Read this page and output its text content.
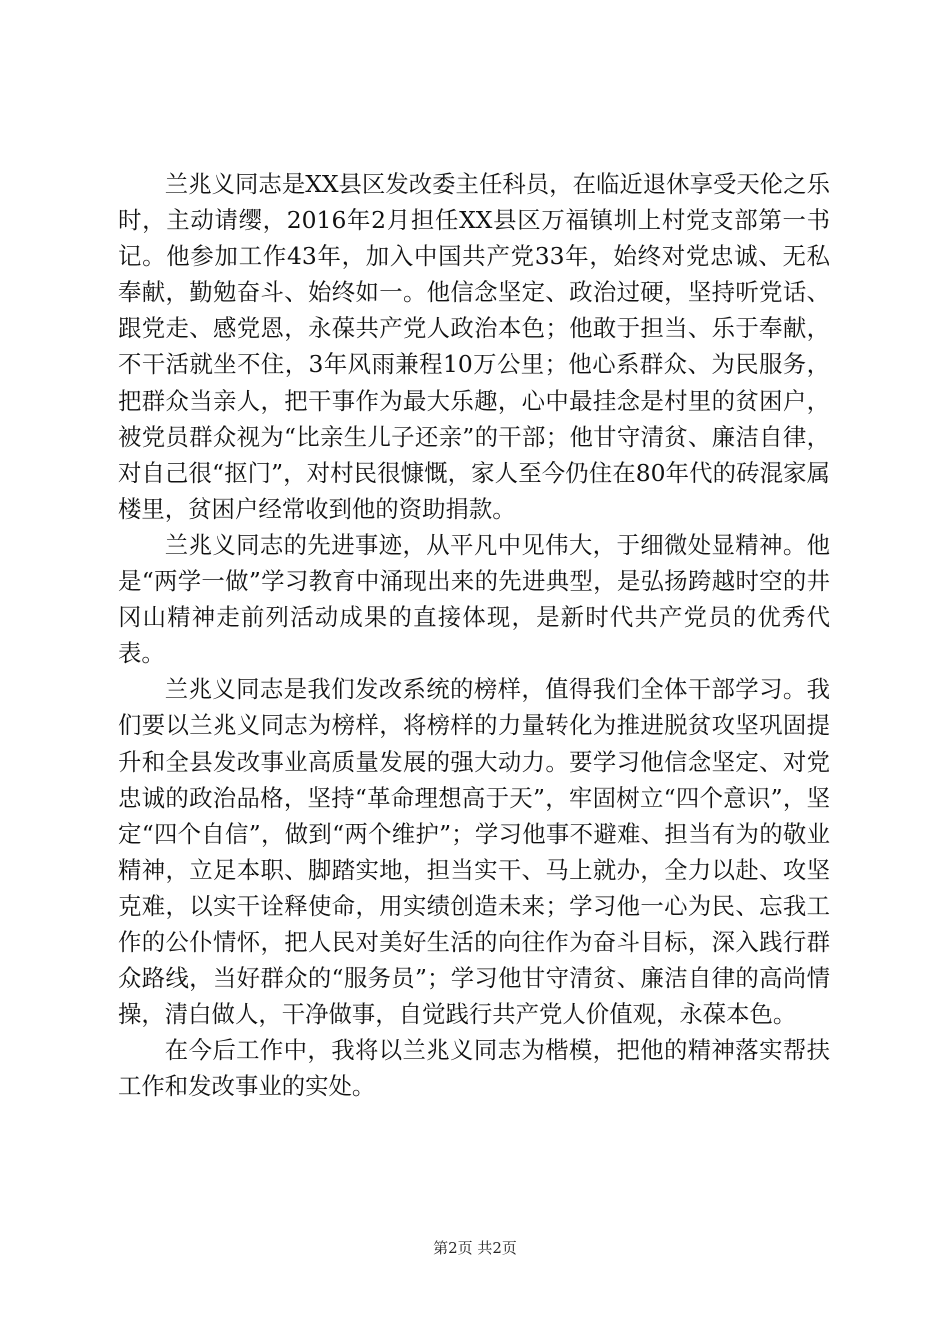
兰兆义同志是XX县区发改委主任科员，在临近退休享受天伦之乐时，主动请缨，2016年2月担任XX县区万福镇圳上村党支部第一书记。他参加工作43年，加入中国共产党33年，始终对党忠诚、无私奉献，勤勉奋斗、始终如一。他信念坚定、政治过硬，坚持听党话、跟党走、感党恩，永葆共产党人政治本色；他敢于担当、乐于奉献，不干活就坐不住，3年风雨兼程10万公里；他心系群众、为民服务，把群众当亲人，把干事作为最大乐趣，心中最挂念是村里的贫困户，被党员群众视为“比亲生儿子还亲”的干部；他甘守清贫、廉洁自律，对自己很“抠门”，对村民很慷慨，家人至今仍住在80年代的砖混家属楼里，贫困户经常收到他的资助捐款。

兰兆义同志的先进事迹，从平凡中见伟大，于细微处显精神。他是“两学一做”学习教育中涌现出来的先进典型，是弘扬跨越时空的井冈山精神走前列活动成果的直接体现，是新时代共产党员的优秀代表。

兰兆义同志是我们发改系统的榜样，值得我们全体干部学习。我们要以兰兆义同志为榜样，将榜样的力量转化为推进脱贫攻坚巩固提升和全县发改事业高质量发展的强大动力。要学习他信念坚定、对党忠诚的政治品格，坚持“革命理想高于天”，牢固树立“四个意识”，坚定“四个自信”，做到“两个维护”；学习他事不避难、担当有为的敬业精神，立足本职、脚踏实地，担当实干、马上就办，全力以赴、攻坚克难，以实干诠释使命，用实绩创造未来；学习他一心为民、忘我工作的公仆情怀，把人民对美好生活的向往作为奋斗目标，深入践行群众路线，当好群众的“服务员”；学习他甘守清贫、廉洁自律的高尚情操，清白做人，干净做事，自觉践行共产党人价值观，永葆本色。

在今后工作中，我将以兰兆义同志为楷模，把他的精神落实帮扶工作和发改事业的实处。

第2页 共2页
